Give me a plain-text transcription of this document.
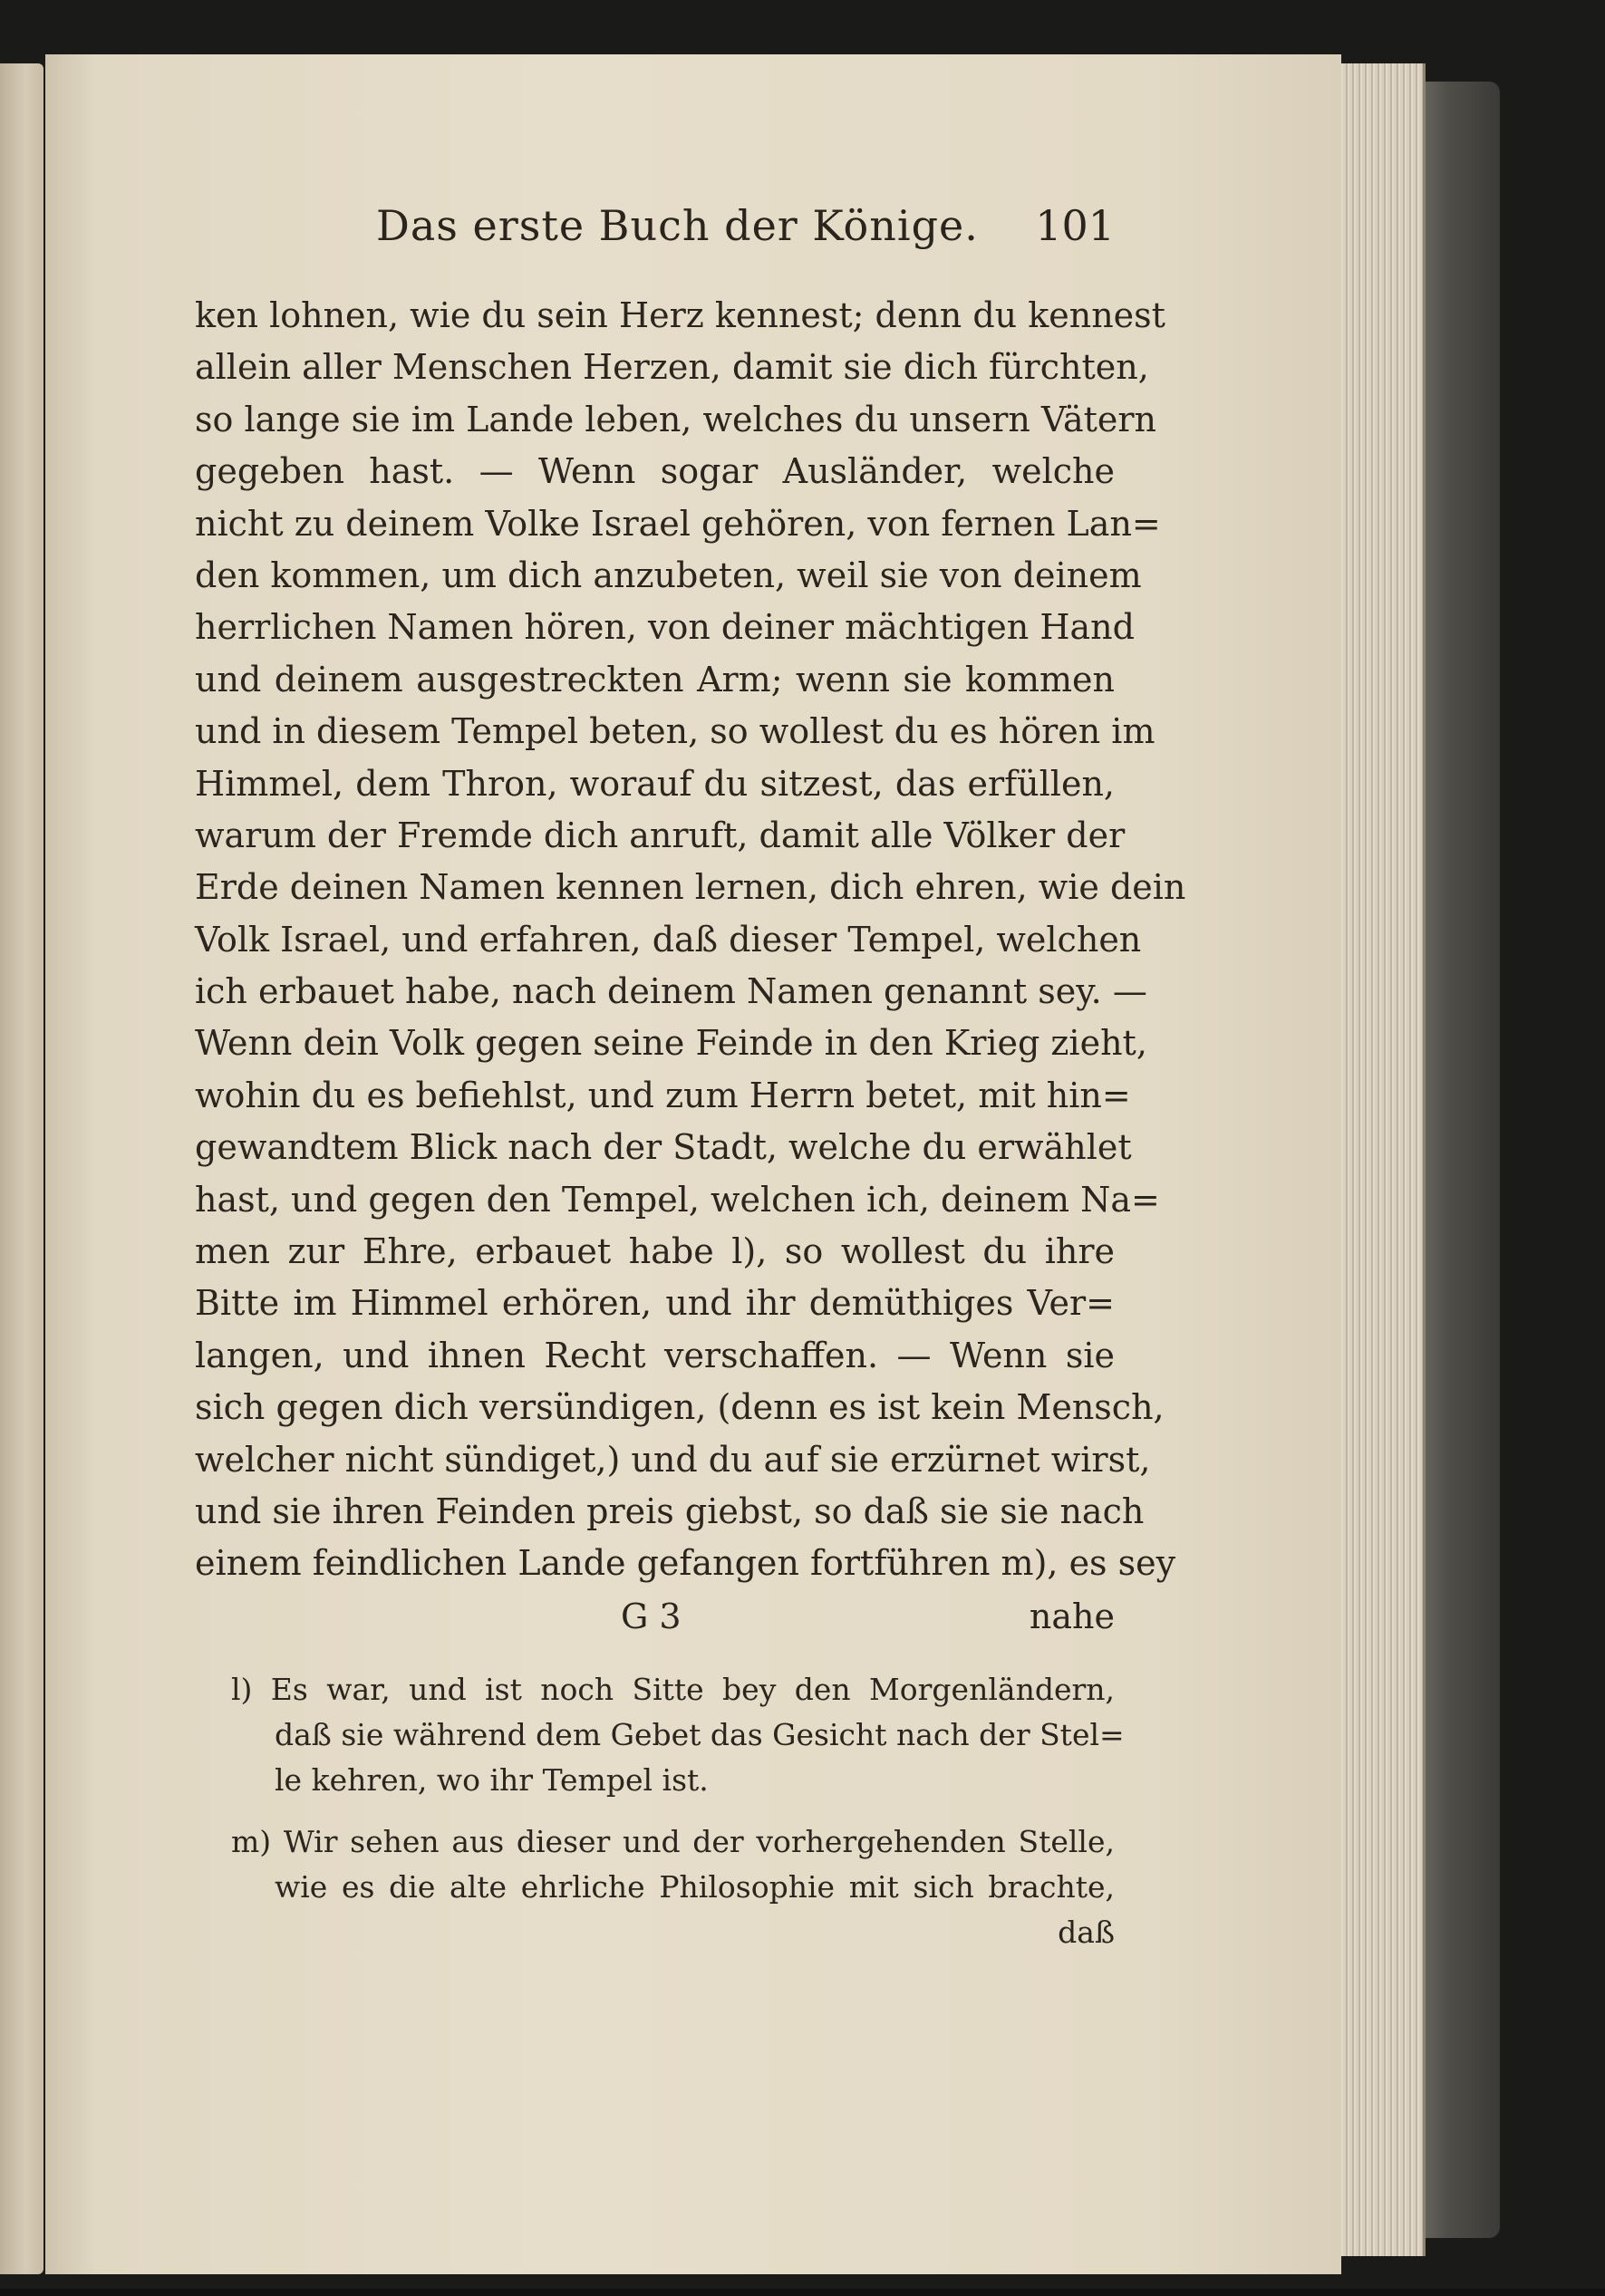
Das erste Buch der Könige. 101
ken lohnen, wie du sein Herz kennest; denn du kennest
allein aller Menschen Herzen, damit sie dich fürchten,
so lange sie im Lande leben, welches du unsern Vätern
gegeben hast. — Wenn sogar Ausländer, welche
nicht zu deinem Volke Israel gehören, von fernen Lan=
den kommen, um dich anzubeten, weil sie von deinem
herrlichen Namen hören, von deiner mächtigen Hand
und deinem ausgestreckten Arm; wenn sie kommen
und in diesem Tempel beten, so wollest du es hören im
Himmel, dem Thron, worauf du sitzest, das erfüllen,
warum der Fremde dich anruft, damit alle Völker der
Erde deinen Namen kennen lernen, dich ehren, wie dein
Volk Israel, und erfahren, daß dieser Tempel, welchen
ich erbauet habe, nach deinem Namen genannt sey. —
Wenn dein Volk gegen seine Feinde in den Krieg zieht,
wohin du es befiehlst, und zum Herrn betet, mit hin=
gewandtem Blick nach der Stadt, welche du erwählet
hast, und gegen den Tempel, welchen ich, deinem Na=
men zur Ehre, erbauet habe l), so wollest du ihre
Bitte im Himmel erhören, und ihr demüthiges Ver=
langen, und ihnen Recht verschaffen. — Wenn sie
sich gegen dich versündigen, (denn es ist kein Mensch,
welcher nicht sündiget,) und du auf sie erzürnet wirst,
und sie ihren Feinden preis giebst, so daß sie sie nach
einem feindlichen Lande gefangen fortführen m), es sey
G 3	nahe
l) Es war, und ist noch Sitte bey den Morgenländern,
daß sie während dem Gebet das Gesicht nach der Stel=
le kehren, wo ihr Tempel ist.
m) Wir sehen aus dieser und der vorhergehenden Stelle,
wie es die alte ehrliche Philosophie mit sich brachte,
daß
